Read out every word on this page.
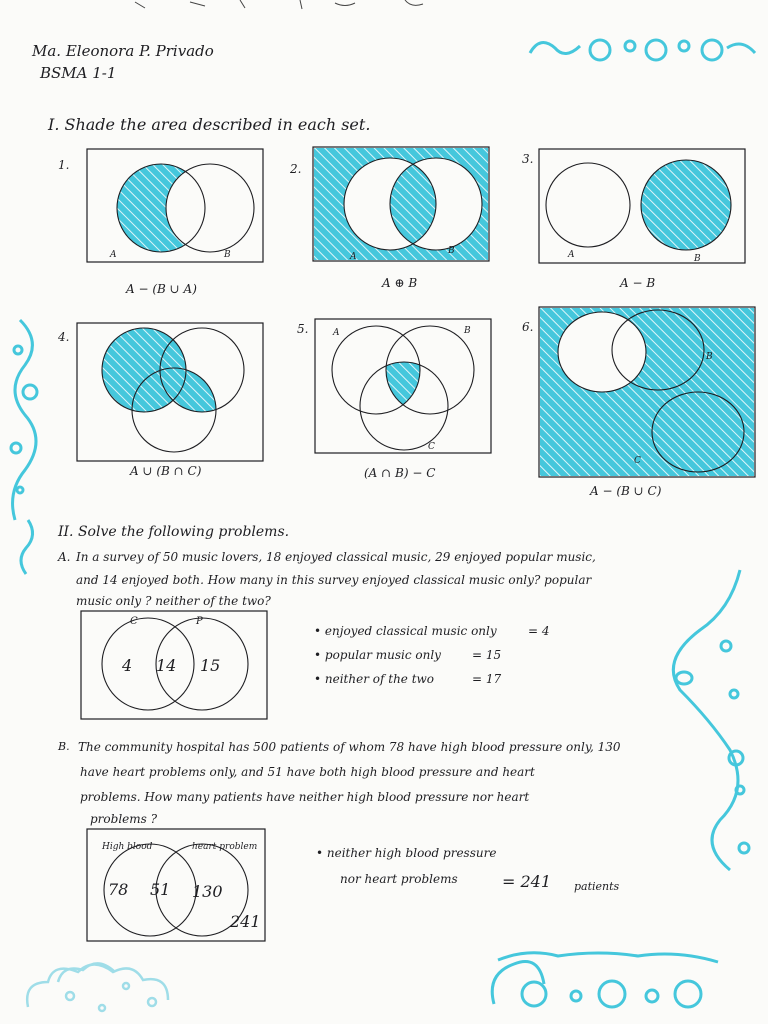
Ma. Eleonora P. Privado
BSMA 1-1
I. Shade the area described in each set.
1.
A	B
A − (B ∪ A)
2.
A
B
A ⊕ B
3.
A	B
A − B
4.
A ∪ (B ∩ C)
5.	A	B
C
(A ∩ B) − C
6.
B
C
A − (B ∪ C)
II. Solve the following problems.
A. In a survey of 50 music lovers, 18 enjoyed classical music, 29 enjoyed popular music,
and 14 enjoyed both. How many in this survey enjoyed classical music only? popular
music only ? neither of the two?
C	P
4 14 15
• enjoyed classical music only	= 4
• popular music only	= 15
• neither of the two	= 17
B. The community hospital has 500 patients of whom 78 have high blood pressure only, 130
have heart problems only, and 51 have both high blood pressure and heart
problems. How many patients have neither high blood pressure nor heart
problems ?
High blood	heart problem
78 51 130
241
• neither high blood pressure
nor heart problems	= 241 patients
